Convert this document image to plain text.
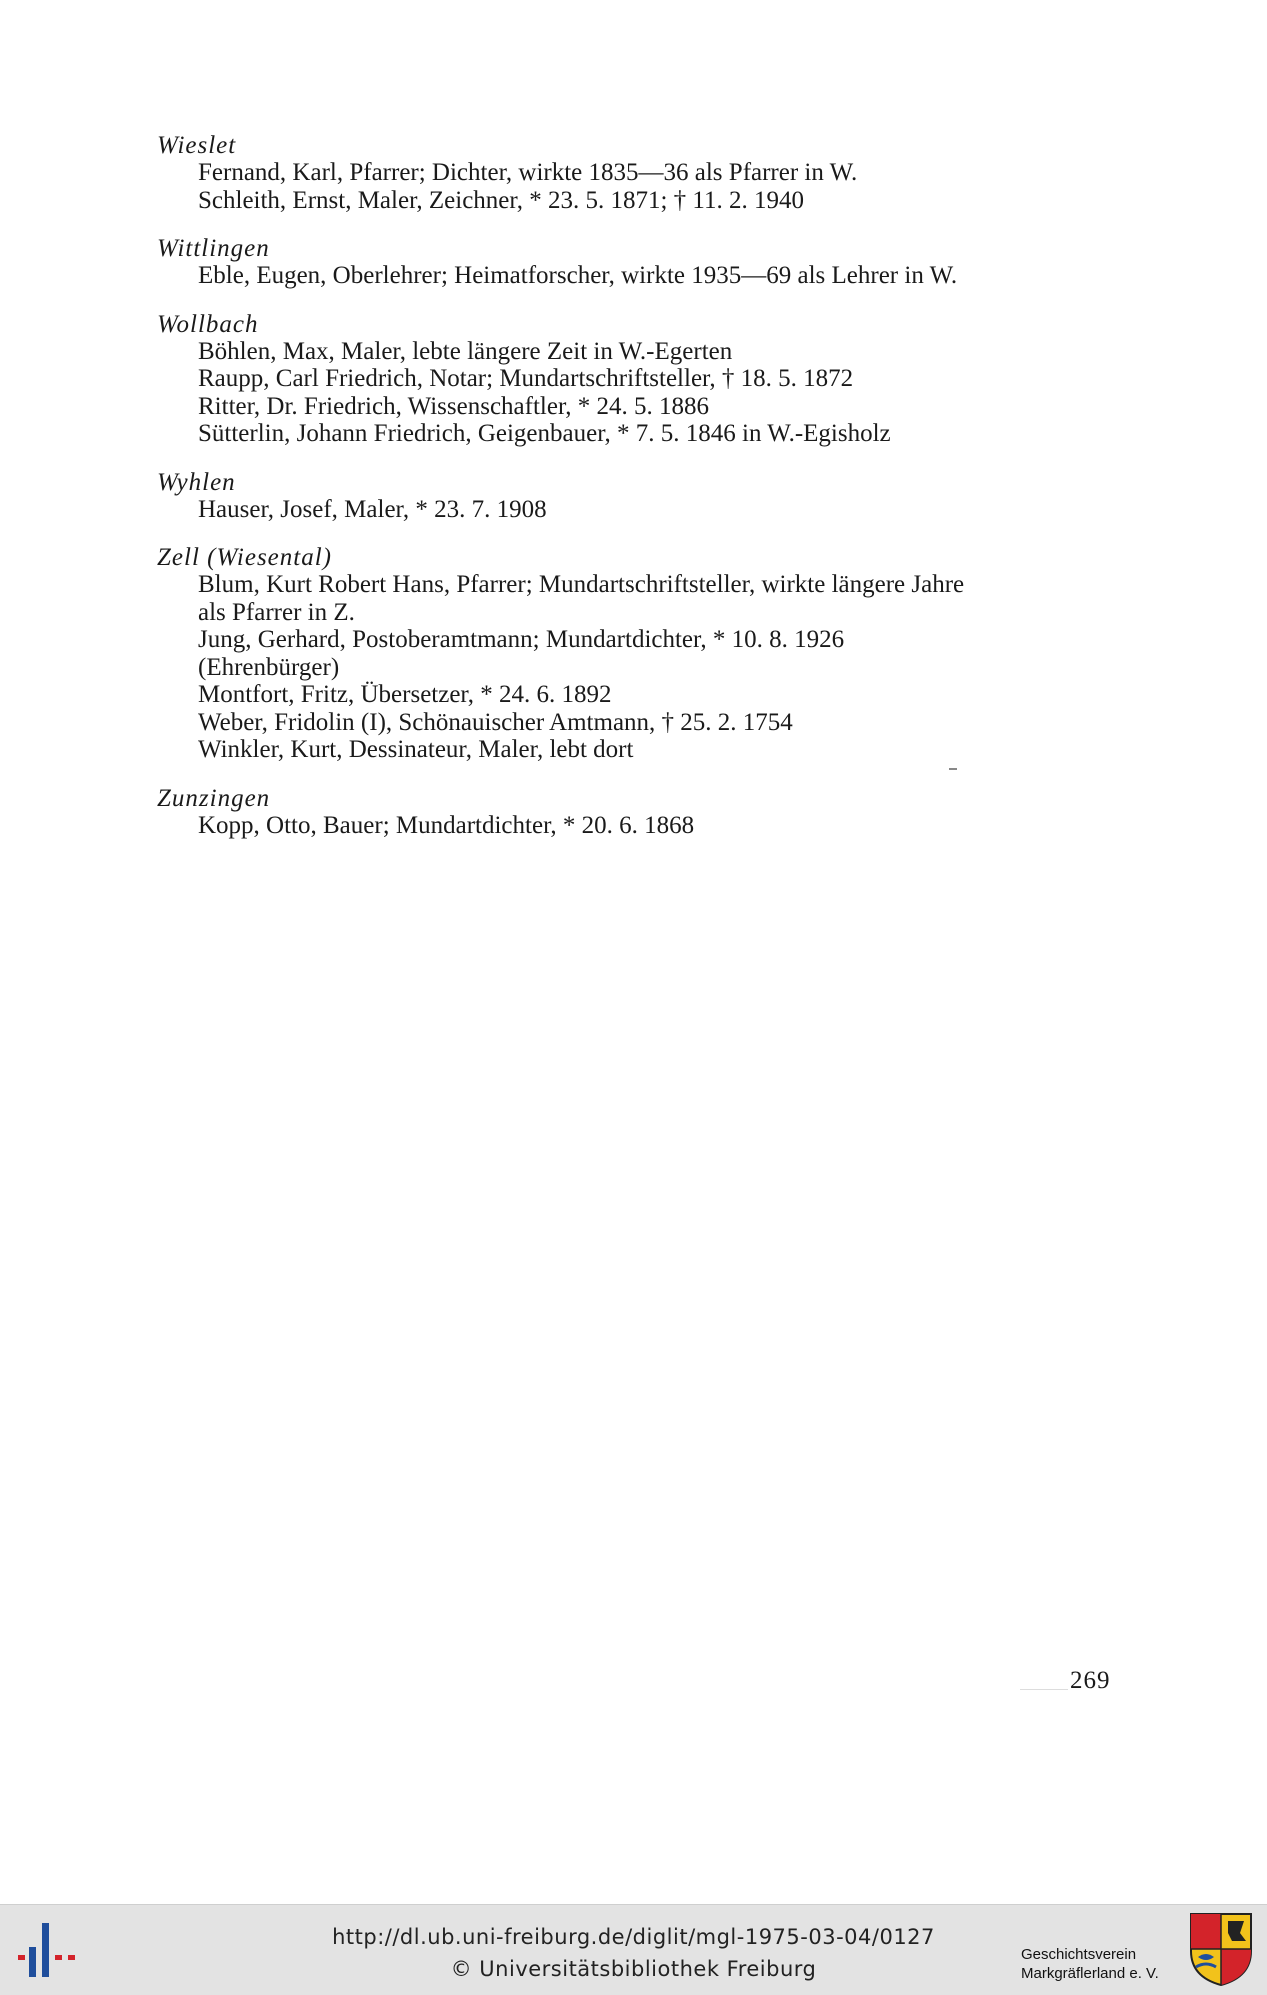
Wieslet

Fernand, Karl, Pfarrer; Dichter, wirkte 1835—36 als Pfarrer in W.

Schleith, Ernst, Maler, Zeichner, * 23. 5. 1871; † 11. 2. 1940

Wittlingen

Eble, Eugen, Oberlehrer; Heimatforscher, wirkte 1935—69 als Lehrer in W.

Wollbach

Böhlen, Max, Maler, lebte längere Zeit in W.-Egerten

Raupp, Carl Friedrich, Notar; Mundartschriftsteller, † 18. 5. 1872

Ritter, Dr. Friedrich, Wissenschaftler, * 24. 5. 1886

Sütterlin, Johann Friedrich, Geigenbauer, * 7. 5. 1846 in W.-Egisholz

Wyhlen

Hauser, Josef, Maler, * 23. 7. 1908

Zell (Wiesental)

Blum, Kurt Robert Hans, Pfarrer; Mundartschriftsteller, wirkte längere Jahre

als Pfarrer in Z.

Jung, Gerhard, Postoberamtmann; Mundartdichter, * 10. 8. 1926

(Ehrenbürger)

Montfort, Fritz, Übersetzer, * 24. 6. 1892

Weber, Fridolin (I), Schönauischer Amtmann, † 25. 2. 1754

Winkler, Kurt, Dessinateur, Maler, lebt dort

Zunzingen

Kopp, Otto, Bauer; Mundartdichter, * 20. 6. 1868

269
http://dl.ub.uni-freiburg.de/diglit/mgl-1975-03-04/0127
© Universitätsbibliothek Freiburg
Geschichtsverein
Markgräflerland e. V.
